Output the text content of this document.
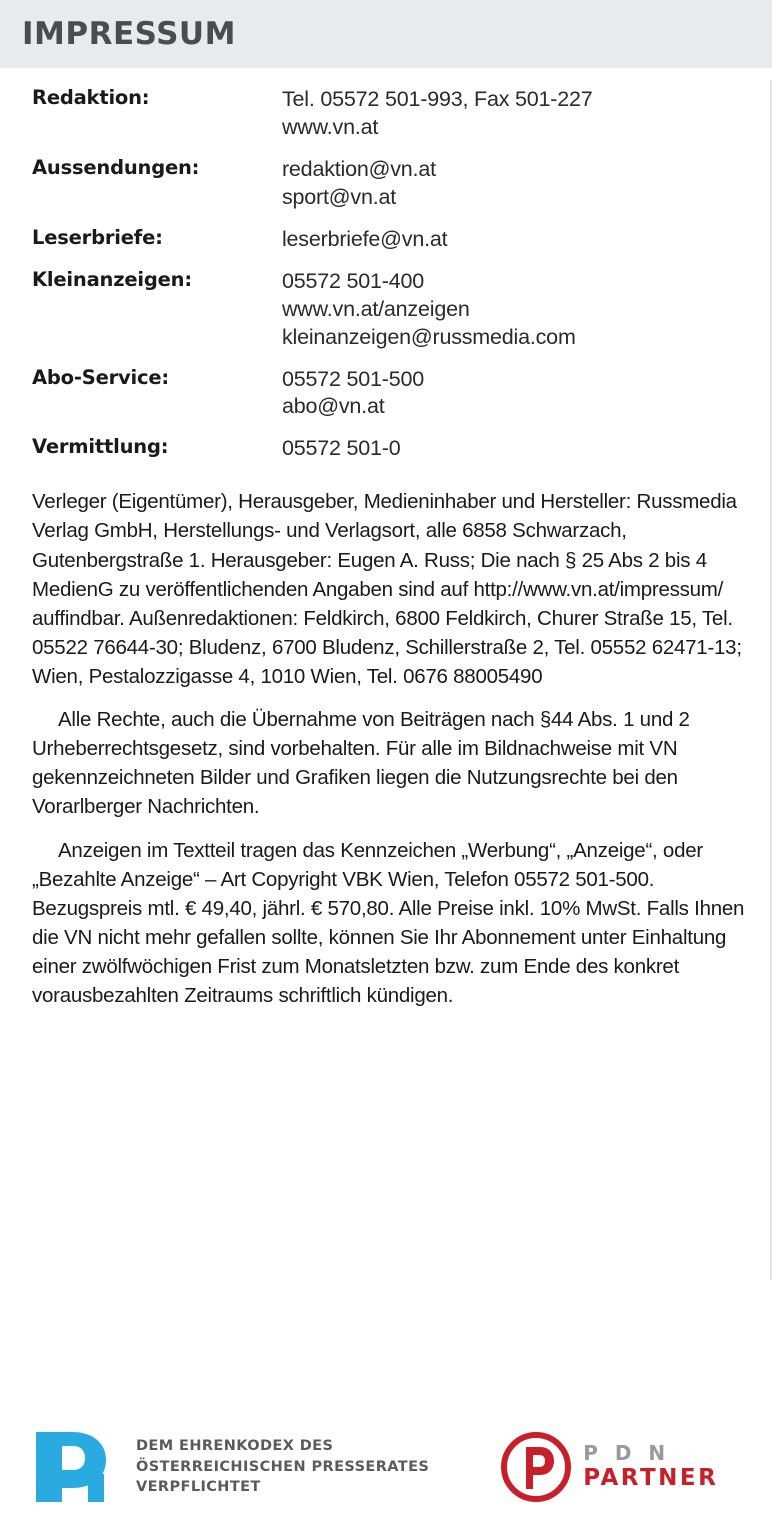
IMPRESSUM
Redaktion:	Tel. 05572 501-993, Fax 501-227
www.vn.at

Aussendungen:	redaktion@vn.at
sport@vn.at

Leserbriefe:	leserbriefe@vn.at

Kleinanzeigen:	05572 501-400
www.vn.at/anzeigen
kleinanzeigen@russmedia.com

Abo-Service:	05572 501-500
abo@vn.at

Vermittlung:	05572 501-0

Verleger (Eigentümer), Herausgeber, Medieninhaber und Hersteller: Russmedia Verlag GmbH, Herstellungs- und Verlagsort, alle 6858 Schwarzach, Gutenbergstraße 1. Herausgeber: Eugen A. Russ; Die nach § 25 Abs 2 bis 4 MedienG zu veröffentlichenden Angaben sind auf http://www.vn.at/impressum/ auffindbar. Außenredaktionen: Feldkirch, 6800 Feldkirch, Churer Straße 15, Tel. 05522 76644-30; Bludenz, 6700 Bludenz, Schillerstraße 2, Tel. 05552 62471-13; Wien, Pestalozzigasse 4, 1010 Wien, Tel. 0676 88005490

Alle Rechte, auch die Übernahme von Beiträgen nach §44 Abs. 1 und 2 Urheberrechtsgesetz, sind vorbehalten. Für alle im Bildnachweise mit VN gekennzeichneten Bilder und Grafiken liegen die Nutzungsrechte bei den Vorarlberger Nachrichten.

Anzeigen im Textteil tragen das Kennzeichen „Werbung“, „Anzeige“, oder „Bezahlte Anzeige“ – Art Copyright VBK Wien, Telefon 05572 501-500. Bezugspreis mtl. € 49,40, jährl. € 570,80. Alle Preise inkl. 10% MwSt. Falls Ihnen die VN nicht mehr gefallen sollte, können Sie Ihr Abonnement unter Einhaltung einer zwölfwöchigen Frist zum Monatsletzten bzw. zum Ende des konkret vorausbezahlten Zeitraums schriftlich kündigen.

DEM EHRENKODEX DES
ÖSTERREICHISCHEN PRESSERATES
VERPFLICHTET
P D N
PARTNER
